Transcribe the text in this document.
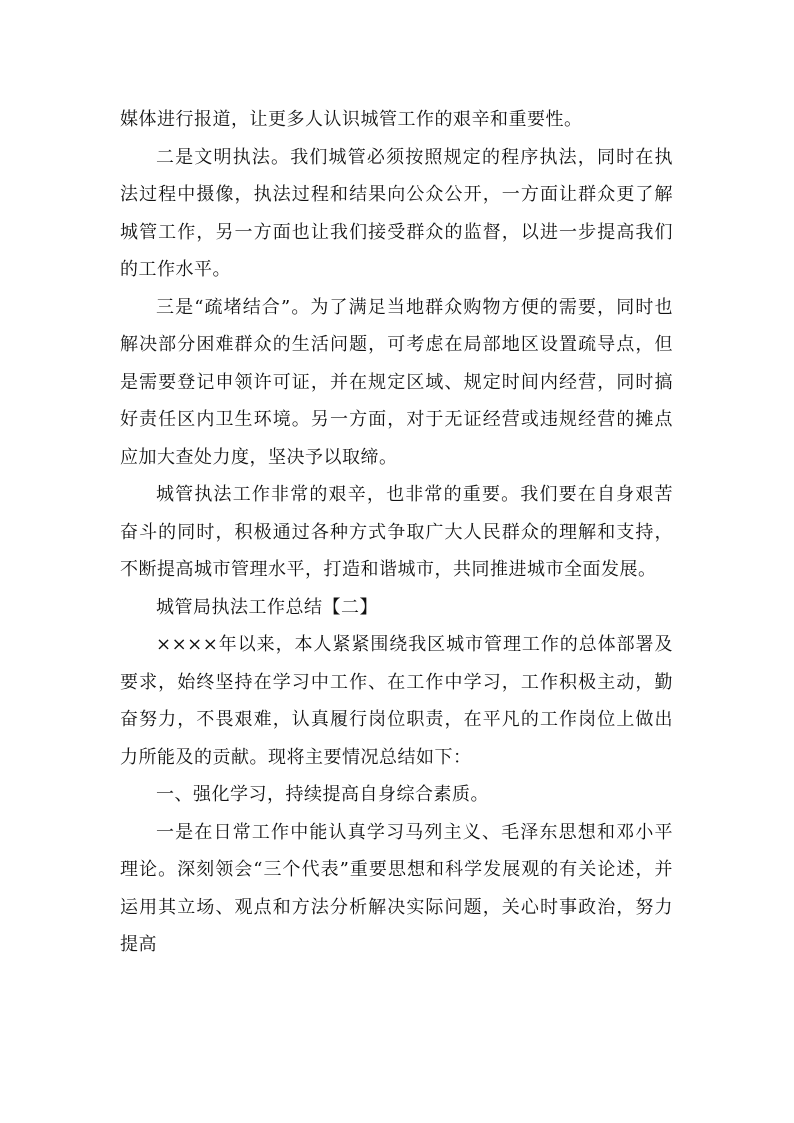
媒体进行报道，让更多人认识城管工作的艰辛和重要性。

二是文明执法。我们城管必须按照规定的程序执法，同时在执法过程中摄像，执法过程和结果向公众公开，一方面让群众更了解城管工作，另一方面也让我们接受群众的监督，以进一步提高我们的工作水平。

三是“疏堵结合”。为了满足当地群众购物方便的需要，同时也解决部分困难群众的生活问题，可考虑在局部地区设置疏导点，但是需要登记申领许可证，并在规定区域、规定时间内经营，同时搞好责任区内卫生环境。另一方面，对于无证经营或违规经营的摊点应加大查处力度，坚决予以取缔。

城管执法工作非常的艰辛，也非常的重要。我们要在自身艰苦奋斗的同时，积极通过各种方式争取广大人民群众的理解和支持，不断提高城市管理水平，打造和谐城市，共同推进城市全面发展。

城管局执法工作总结【二】

××××年以来，本人紧紧围绕我区城市管理工作的总体部署及要求，始终坚持在学习中工作、在工作中学习，工作积极主动，勤奋努力，不畏艰难，认真履行岗位职责，在平凡的工作岗位上做出力所能及的贡献。现将主要情况总结如下：

一、强化学习，持续提高自身综合素质。

一是在日常工作中能认真学习马列主义、毛泽东思想和邓小平理论。深刻领会“三个代表”重要思想和科学发展观的有关论述，并运用其立场、观点和方法分析解决实际问题，关心时事政治，努力提高
